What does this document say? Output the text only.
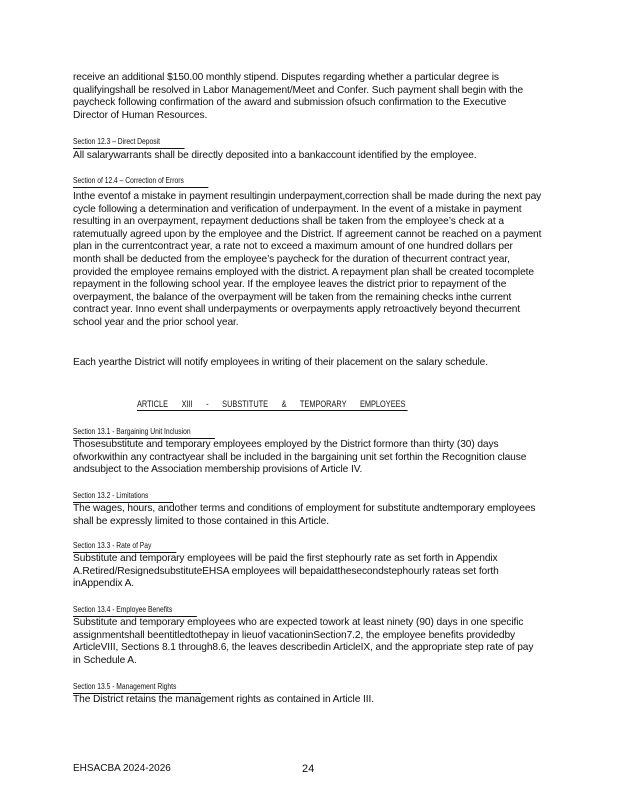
receive an additional $150.00 monthly stipend. Disputes regarding whether a particular degree is qualifyingshall be resolved in Labor Management/Meet and Confer. Such payment shall begin with the paycheck following confirmation of the award and submission ofsuch confirmation to the Executive Director of Human Resources.
Section 12.3 – Direct Deposit
All salarywarrants shall be directly deposited into a bankaccount identified by the employee.
Section of 12.4 – Correction of Errors
Inthe eventof a mistake in payment resultingin underpayment,correction shall be made during the next pay cycle following a determination and verification of underpayment. In the event of a mistake in payment resulting in an overpayment, repayment deductions shall be taken from the employee’s check at a ratemutually agreed upon by the employee and the District. If agreement cannot be reached on a payment plan in the currentcontract year, a rate not to exceed a maximum amount of one hundred dollars per month shall be deducted from the employee’s paycheck for the duration of thecurrent contract year, provided the employee remains employed with the district. A repayment plan shall be created tocomplete repayment in the following school year. If the employee leaves the district prior to repayment of the overpayment, the balance of the overpayment will be taken from the remaining checks inthe current contract year. Inno event shall underpayments or overpayments apply retroactively beyond thecurrent school year and the prior school year.
Each yearthe District will notify employees in writing of their placement on the salary schedule.
ARTICLE XIII - SUBSTITUTE & TEMPORARY EMPLOYEES
Section 13.1 - Bargaining Unit Inclusion
Thosesubstitute and temporary employees employed by the District formore than thirty (30) days ofworkwithin any contractyear shall be included in the bargaining unit set forthin the Recognition clause andsubject to the Association membership provisions of Article IV.
Section 13.2 - Limitations
The wages, hours, andother terms and conditions of employment for substitute andtemporary employees shall be expressly limited to those contained in this Article.
Section 13.3 - Rate of Pay
Substitute and temporary employees will be paid the first stephourly rate as set forth in Appendix A.Retired/ResignedsubstituteEHSA employees will bepaidatthesecondstephourly rateas set forth inAppendix A.
Section 13.4 - Employee Benefits
Substitute and temporary employees who are expected towork at least ninety (90) days in one specific assignmentshall beentitledtothepay in lieuof vacationinSection7.2, the employee benefits providedby ArticleVIII, Sections 8.1 through8.6, the leaves describedin ArticleIX, and the appropriate step rate of pay in Schedule A.
Section 13.5 - Management Rights
The District retains the management rights as contained in Article III.
EHSACBA 2024-2026	24
